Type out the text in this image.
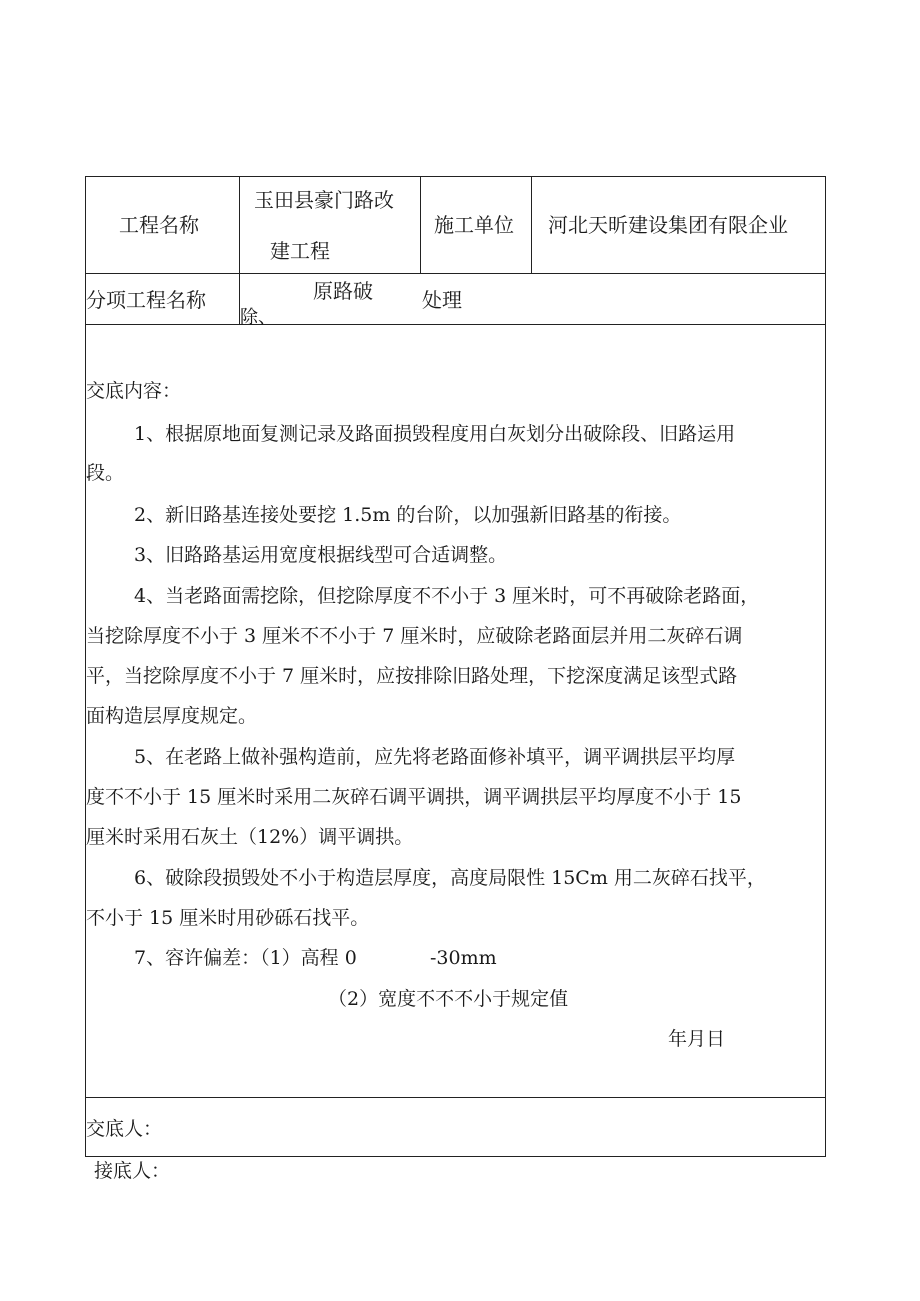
工程名称
玉田县豪门路改
建工程
施工单位 河北天昕建设集团有限企业
分项工程名称	原路破
除、
处理
交底内容：
1、根据原地面复测记录及路面损毁程度用白灰划分出破除段、旧路运用
段。
2、新旧路基连接处要挖 1.5m 的台阶，以加强新旧路基的衔接。
3、旧路路基运用宽度根据线型可合适调整。
4、当老路面需挖除，但挖除厚度不不小于 3 厘米时，可不再破除老路面，
当挖除厚度不小于 3 厘米不不小于 7 厘米时，应破除老路面层并用二灰碎石调
平，当挖除厚度不小于 7 厘米时，应按排除旧路处理，下挖深度满足该型式路
面构造层厚度规定。
5、在老路上做补强构造前，应先将老路面修补填平，调平调拱层平均厚
度不不小于 15 厘米时采用二灰碎石调平调拱，调平调拱层平均厚度不小于 15
厘米时采用石灰土（12%）调平调拱。
6、破除段损毁处不小于构造层厚度，高度局限性 15Cm 用二灰碎石找平，
不小于 15 厘米时用砂砾石找平。
7、容许偏差：（1）高程 0	-30mm
（2）宽度不不不小于规定值
年月日
交底人：
接底人：
